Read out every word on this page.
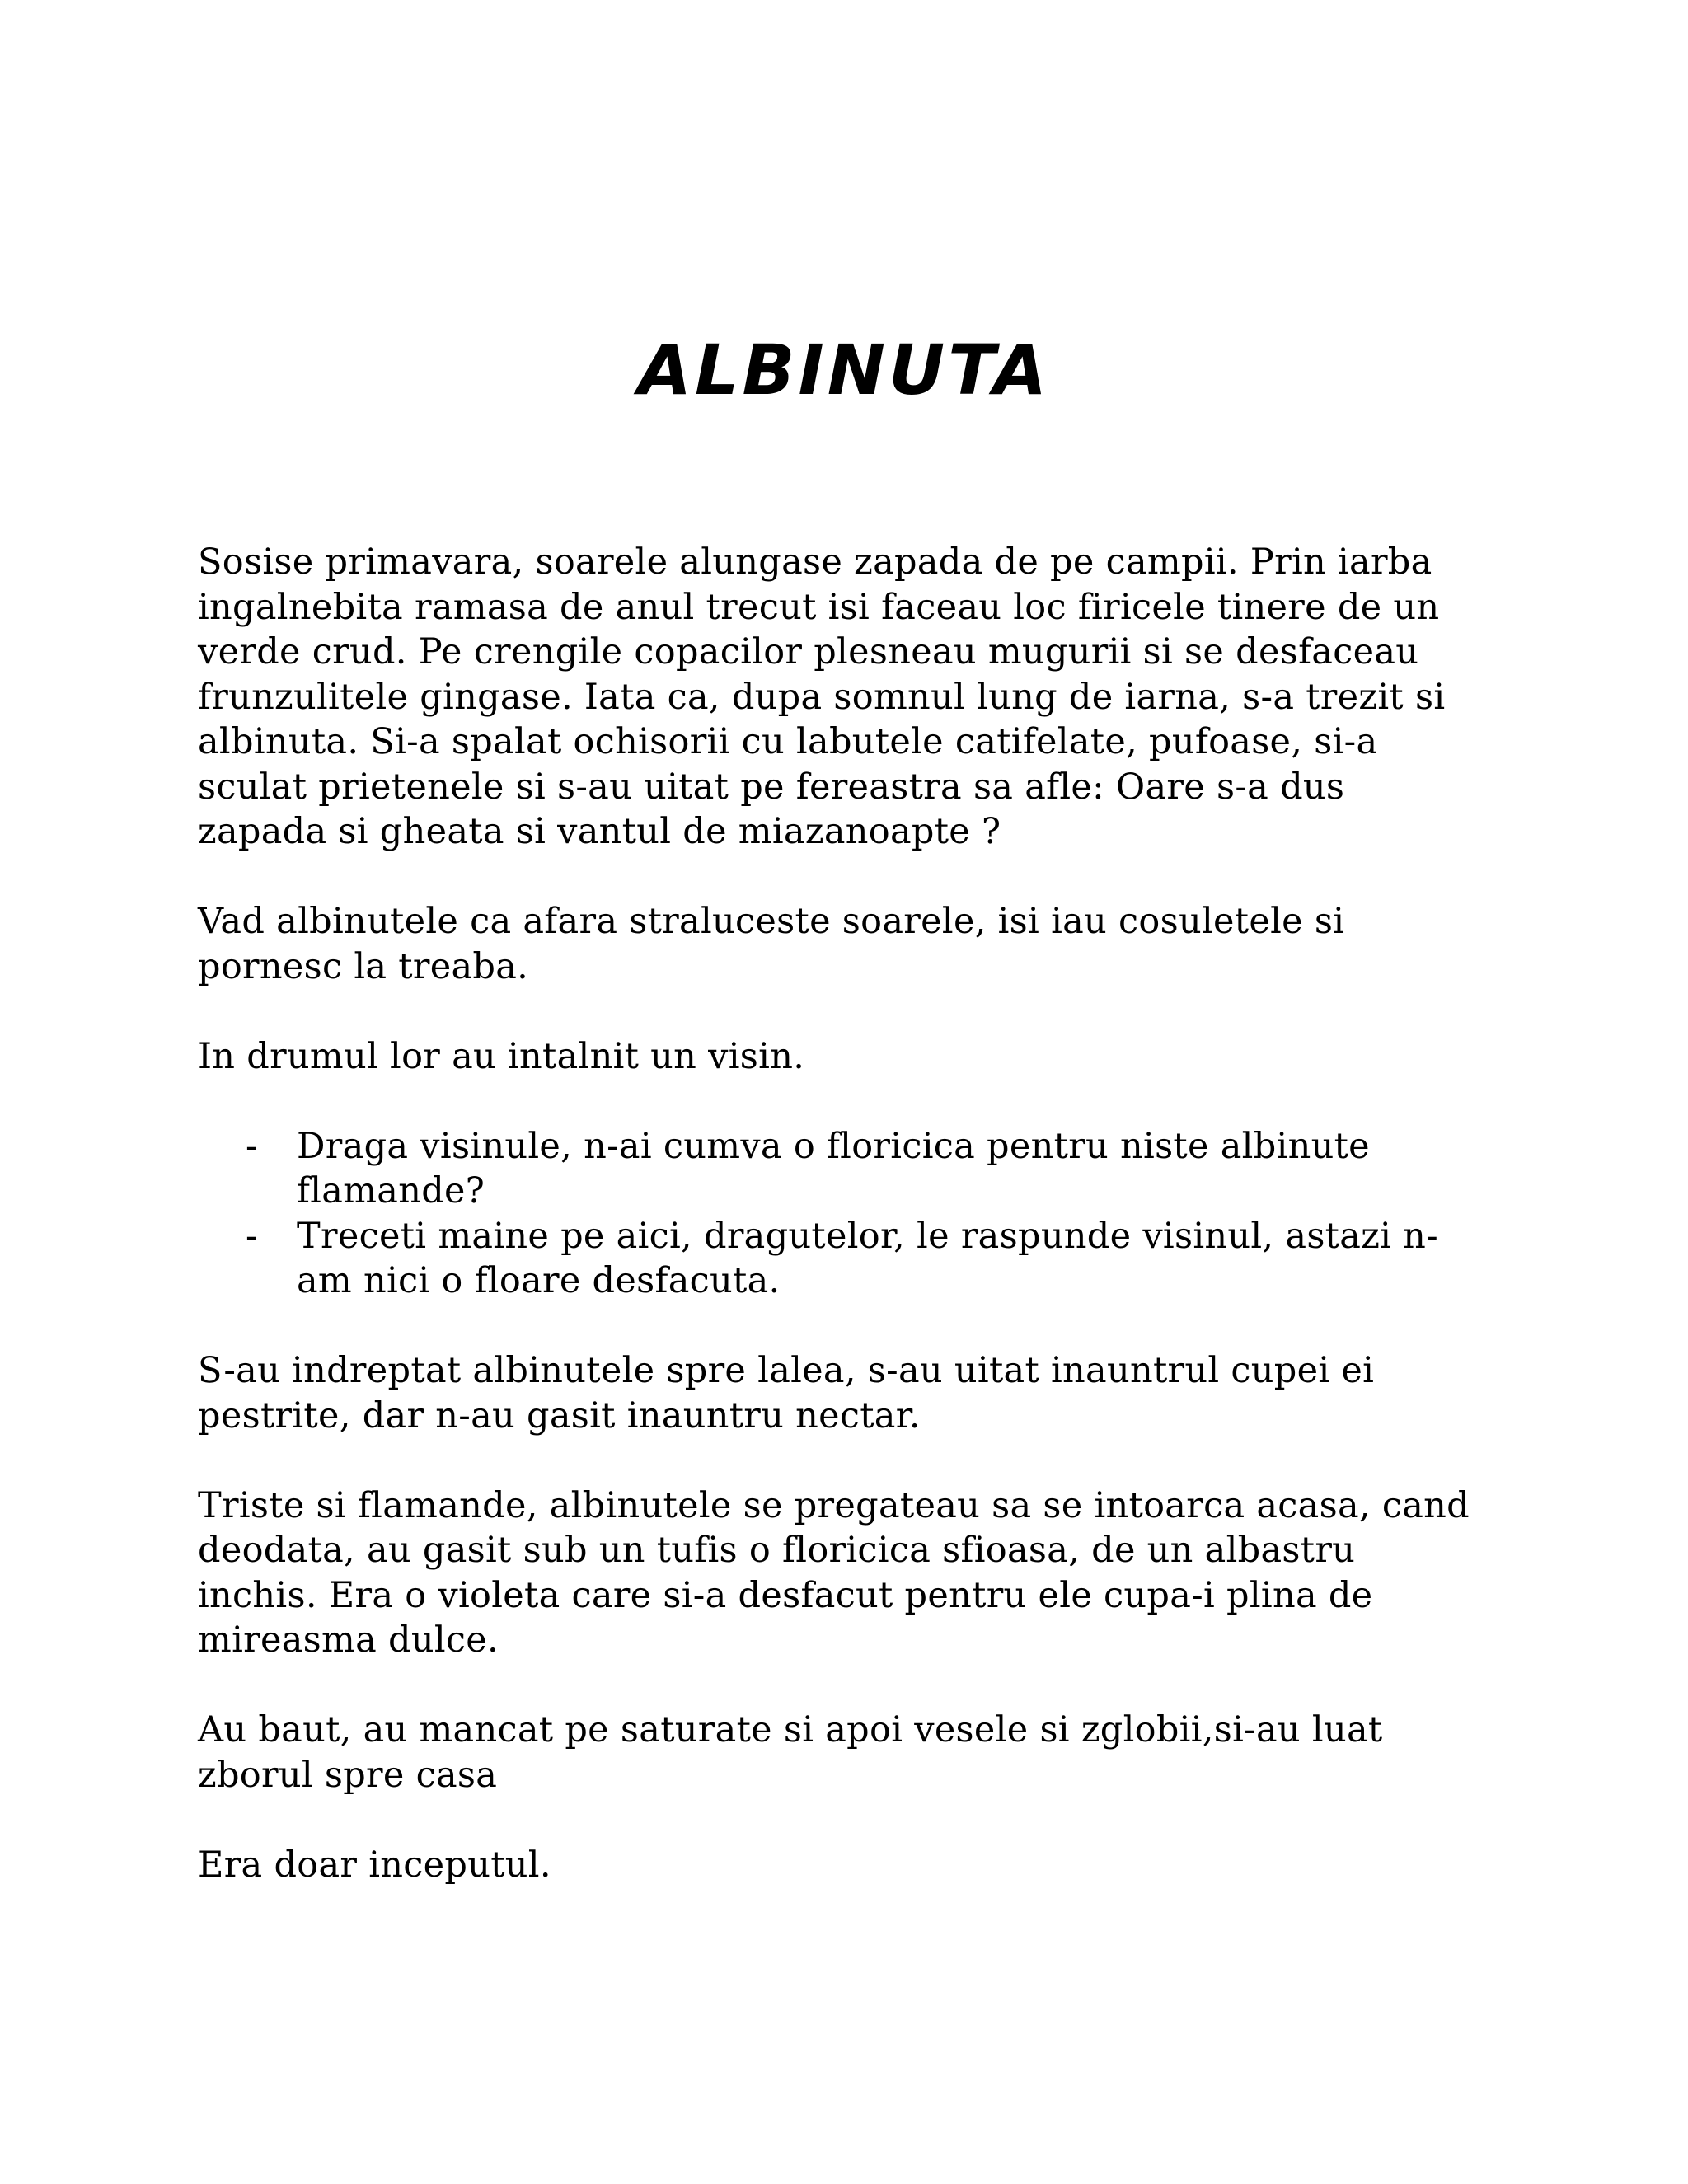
ALBINUTA

Sosise primavara, soarele alungase zapada de pe campii. Prin iarba ingalnebita ramasa de anul trecut isi faceau loc firicele tinere de un verde crud. Pe crengile copacilor plesneau mugurii si se desfaceau frunzulitele gingase. Iata ca, dupa somnul lung de iarna, s-a trezit si albinuta. Si-a spalat ochisorii cu labutele catifelate, pufoase, si-a sculat prietenele si s-au uitat pe fereastra sa afle: Oare s-a dus zapada si gheata si vantul de miazanoapte ?

Vad albinutele ca afara straluceste soarele, isi iau cosuletele si pornesc la treaba.

In drumul lor au intalnit un visin.

- Draga visinule, n-ai cumva o floricica pentru niste albinute flamande?
- Treceti maine pe aici, dragutelor, le raspunde visinul, astazi n-am nici o floare desfacuta.

S-au indreptat albinutele spre lalea, s-au uitat inauntrul cupei ei pestrite, dar n-au gasit inauntru nectar.

Triste si flamande, albinutele se pregateau sa se intoarca acasa, cand deodata, au gasit sub un tufis o floricica sfioasa, de un albastru inchis. Era o violeta care si-a desfacut pentru ele cupa-i plina de mireasma dulce.

Au baut, au mancat pe saturate si apoi vesele si zglobii,si-au luat zborul spre casa

Era doar inceputul.
